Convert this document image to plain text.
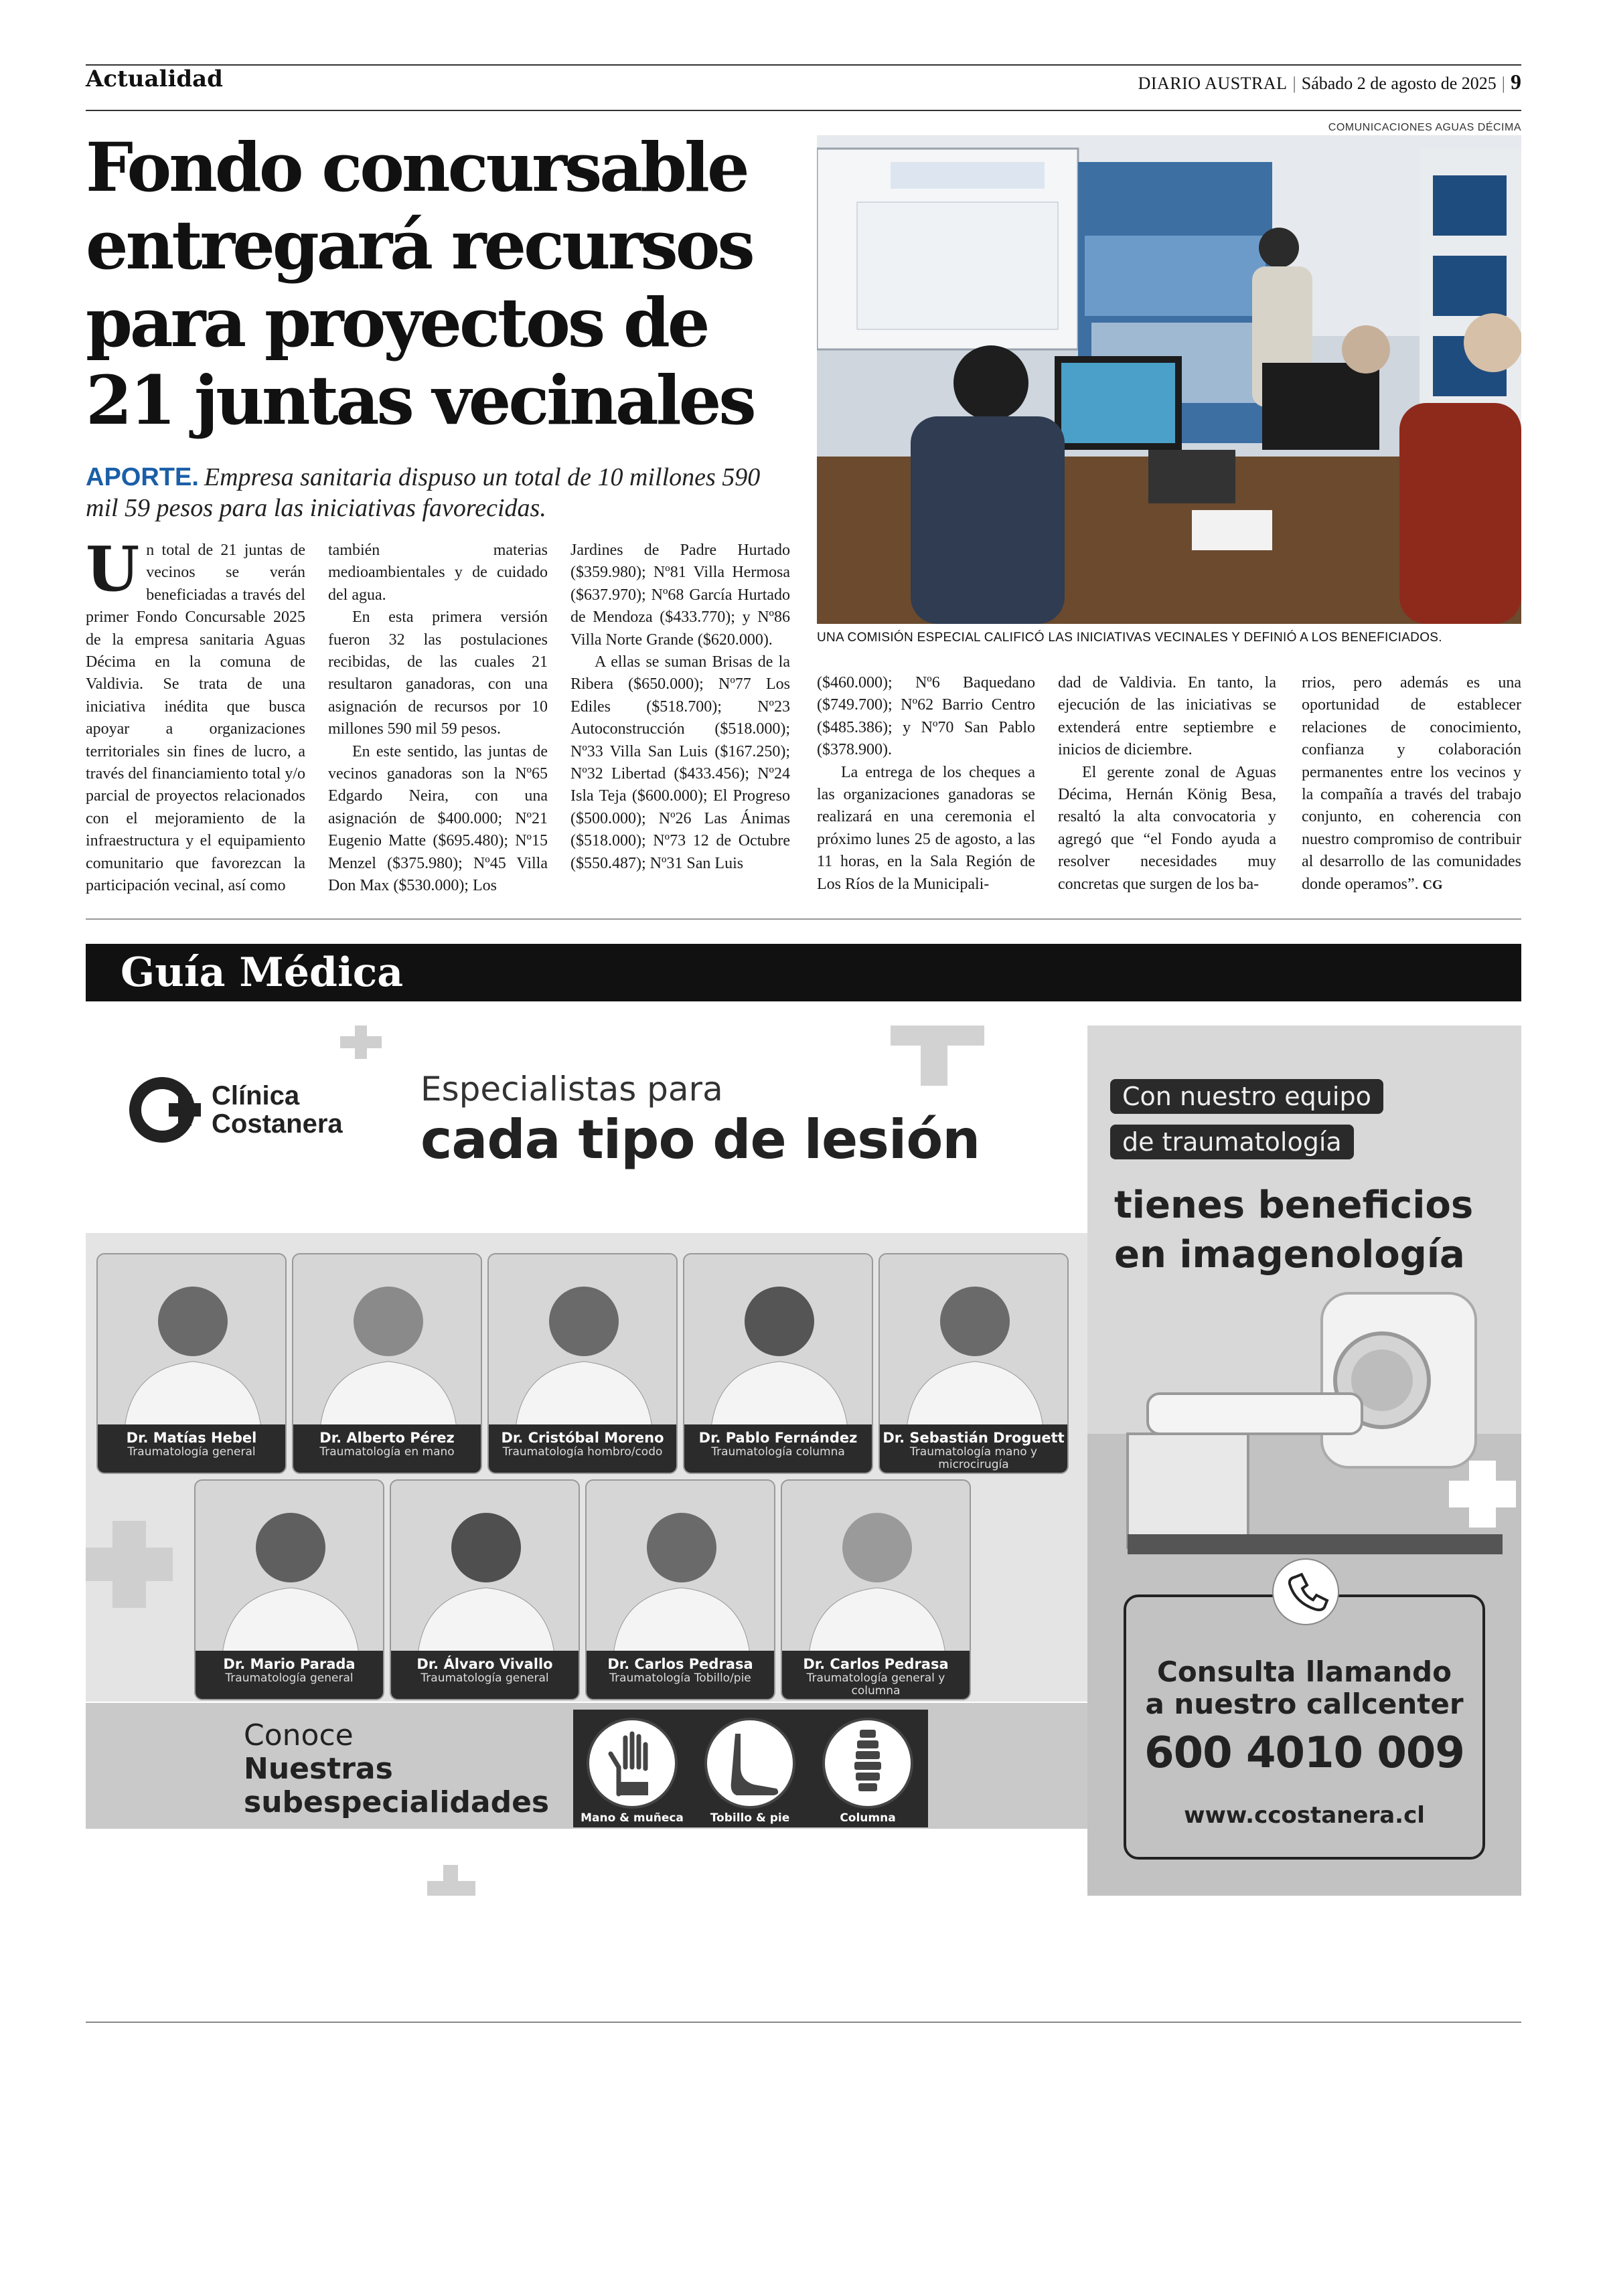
Actualidad	DIARIO AUSTRAL | Sábado 2 de agosto de 2025 | 9
Fondo concursable
entregará recursos
para proyectos de
21 juntas vecinales
APORTE. Empresa sanitaria dispuso un total de 10 millones 590 mil 59 pesos para las iniciativas favorecidas.
COMUNICACIONES AGUAS DÉCIMA
UNA COMISIÓN ESPECIAL CALIFICÓ LAS INICIATIVAS VECINALES Y DEFINIÓ A LOS BENEFICIADOS.

Un total de 21 juntas de vecinos se verán beneficiadas a través del primer Fondo Concursable 2025 de la empresa sanitaria Aguas Décima en la comuna de Valdivia. Se trata de una iniciativa inédita que busca apoyar a organizaciones territoriales sin fines de lucro, a través del financiamiento total y/o parcial de proyectos relacionados con el mejoramiento de la infraestructura y el equipamiento comunitario que favorezcan la participación vecinal, así como

también materias medioambientales y de cuidado del agua.

En esta primera versión fueron 32 las postulaciones recibidas, de las cuales 21 resultaron ganadoras, con una asignación de recursos por 10 millones 590 mil 59 pesos.

En este sentido, las juntas de vecinos ganadoras son la Nº65 Edgardo Neira, con una asignación de $400.000; Nº21 Eugenio Matte ($695.480); Nº15 Menzel ($375.980); Nº45 Villa Don Max ($530.000); Los

Jardines de Padre Hurtado ($359.980); Nº81 Villa Hermosa ($637.970); Nº68 García Hurtado de Mendoza ($433.770); y Nº86 Villa Norte Grande ($620.000).

A ellas se suman Brisas de la Ribera ($650.000); Nº77 Los Ediles ($518.700); Nº23 Autoconstrucción ($518.000); Nº33 Villa San Luis ($167.250); Nº32 Libertad ($433.456); Nº24 Isla Teja ($600.000); El Progreso ($500.000); Nº26 Las Ánimas ($518.000); Nº73 12 de Octubre ($550.487); Nº31 San Luis

($460.000); Nº6 Baquedano ($749.700); Nº62 Barrio Centro ($485.386); y Nº70 San Pablo ($378.900).

La entrega de los cheques a las organizaciones ganadoras se realizará en una ceremonia el próximo lunes 25 de agosto, a las 11 horas, en la Sala Región de Los Ríos de la Municipali-

dad de Valdivia. En tanto, la ejecución de las iniciativas se extenderá entre septiembre e inicios de diciembre.

El gerente zonal de Aguas Décima, Hernán König Besa, resaltó la alta convocatoria y agregó que “el Fondo ayuda a resolver necesidades muy concretas que surgen de los ba-

rrios, pero además es una oportunidad de establecer relaciones de conocimiento, confianza y colaboración permanentes entre los vecinos y la compañía a través del trabajo conjunto, en coherencia con nuestro compromiso de contribuir al desarrollo de las comunidades donde operamos”. CG

Guía Médica
Clínica
Costanera
Especialistas para
cada tipo de lesión
Con nuestro equipo
de traumatología
tienes beneficios
en imagenología
Dr. Matías Hebel
Traumatología general
Dr. Alberto Pérez
Traumatología en mano
Dr. Cristóbal Moreno
Traumatología hombro/codo
Dr. Pablo Fernández
Traumatología columna
Dr. Sebastián Droguett
Traumatología mano y microcirugía
Dr. Mario Parada
Traumatología general
Dr. Álvaro Vivallo
Traumatología general
Dr. Carlos Pedrasa
Traumatología Tobillo/pie
Dr. Carlos Pedrasa
Traumatología general y columna
Conoce
Nuestras
subespecialidades	Mano & muñeca	Tobillo & pie	Columna
Consulta llamando
a nuestro callcenter
600 4010 009
www.ccostanera.cl
